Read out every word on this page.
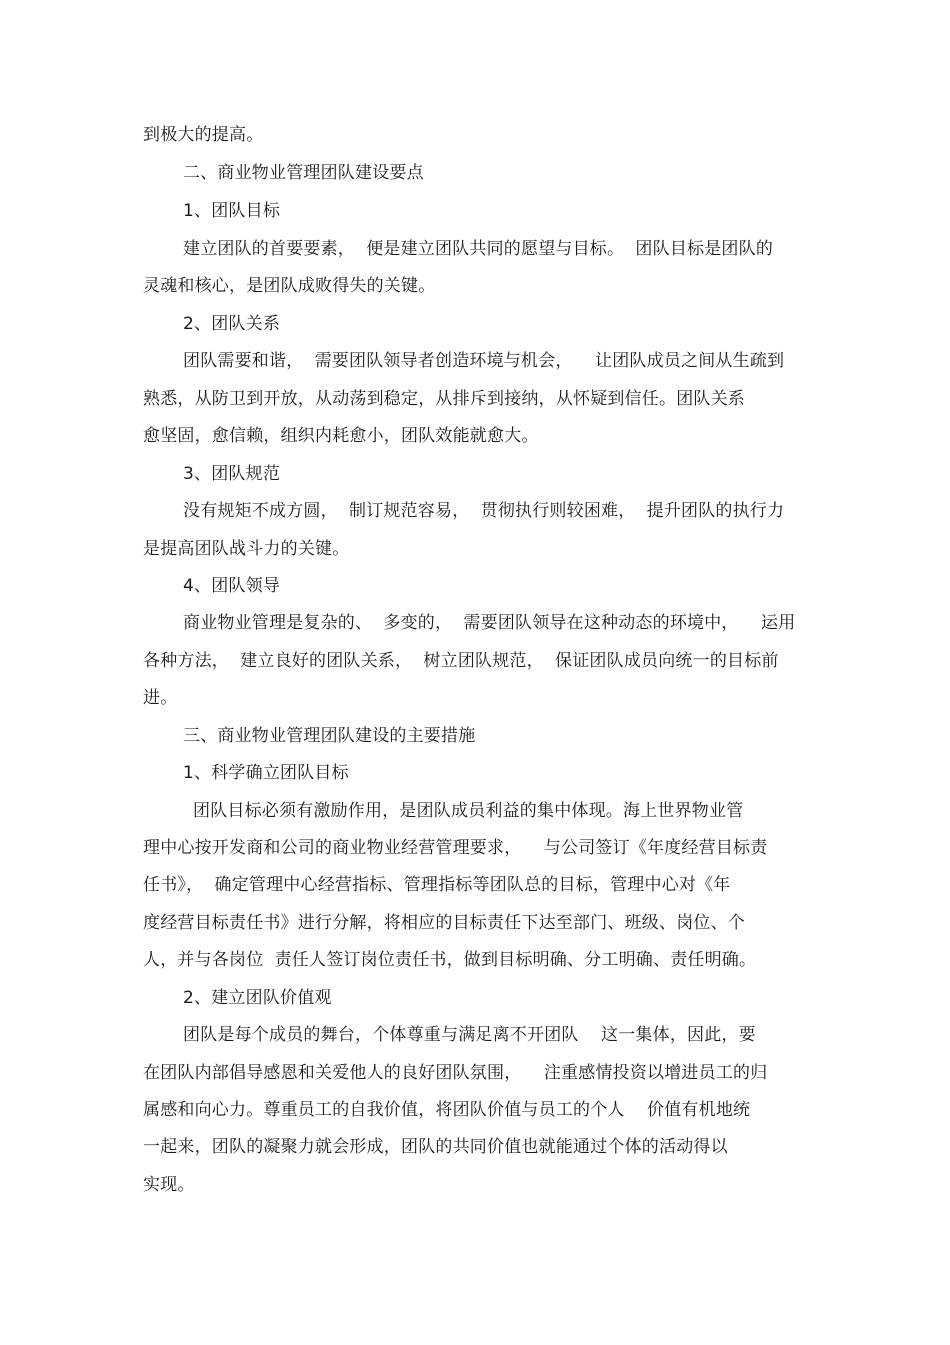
到极大的提高。
二、商业物业管理团队建设要点
1、团队目标
建立团队的首要要素，  便是建立团队共同的愿望与目标。  团队目标是团队的
灵魂和核心，是团队成败得失的关键。
2、团队关系
团队需要和谐，  需要团队领导者创造环境与机会，    让团队成员之间从生疏到
熟悉，从防卫到开放，从动荡到稳定，从排斥到接纳，从怀疑到信任。团队关系
愈坚固，愈信赖，组织内耗愈小，团队效能就愈大。
3、团队规范
没有规矩不成方圆，  制订规范容易，  贯彻执行则较困难，  提升团队的执行力
是提高团队战斗力的关键。
4、团队领导
商业物业管理是复杂的、  多变的，  需要团队领导在这种动态的环境中，    运用
各种方法，  建立良好的团队关系，  树立团队规范，  保证团队成员向统一的目标前
进。
三、商业物业管理团队建设的主要措施
1、科学确立团队目标
团队目标必须有激励作用，是团队成员利益的集中体现。海上世界物业管
理中心按开发商和公司的商业物业经营管理要求，    与公司签订《年度经营目标责
任书》，  确定管理中心经营指标、管理指标等团队总的目标，管理中心对《年
度经营目标责任书》进行分解，将相应的目标责任下达至部门、班级、岗位、个
人，并与各岗位  责任人签订岗位责任书，做到目标明确、分工明确、责任明确。
2、建立团队价值观
团队是每个成员的舞台，个体尊重与满足离不开团队    这一集体，因此，要
在团队内部倡导感恩和关爱他人的良好团队氛围，    注重感情投资以增进员工的归
属感和向心力。尊重员工的自我价值，将团队价值与员工的个人    价值有机地统
一起来，团队的凝聚力就会形成，团队的共同价值也就能通过个体的活动得以
实现。
